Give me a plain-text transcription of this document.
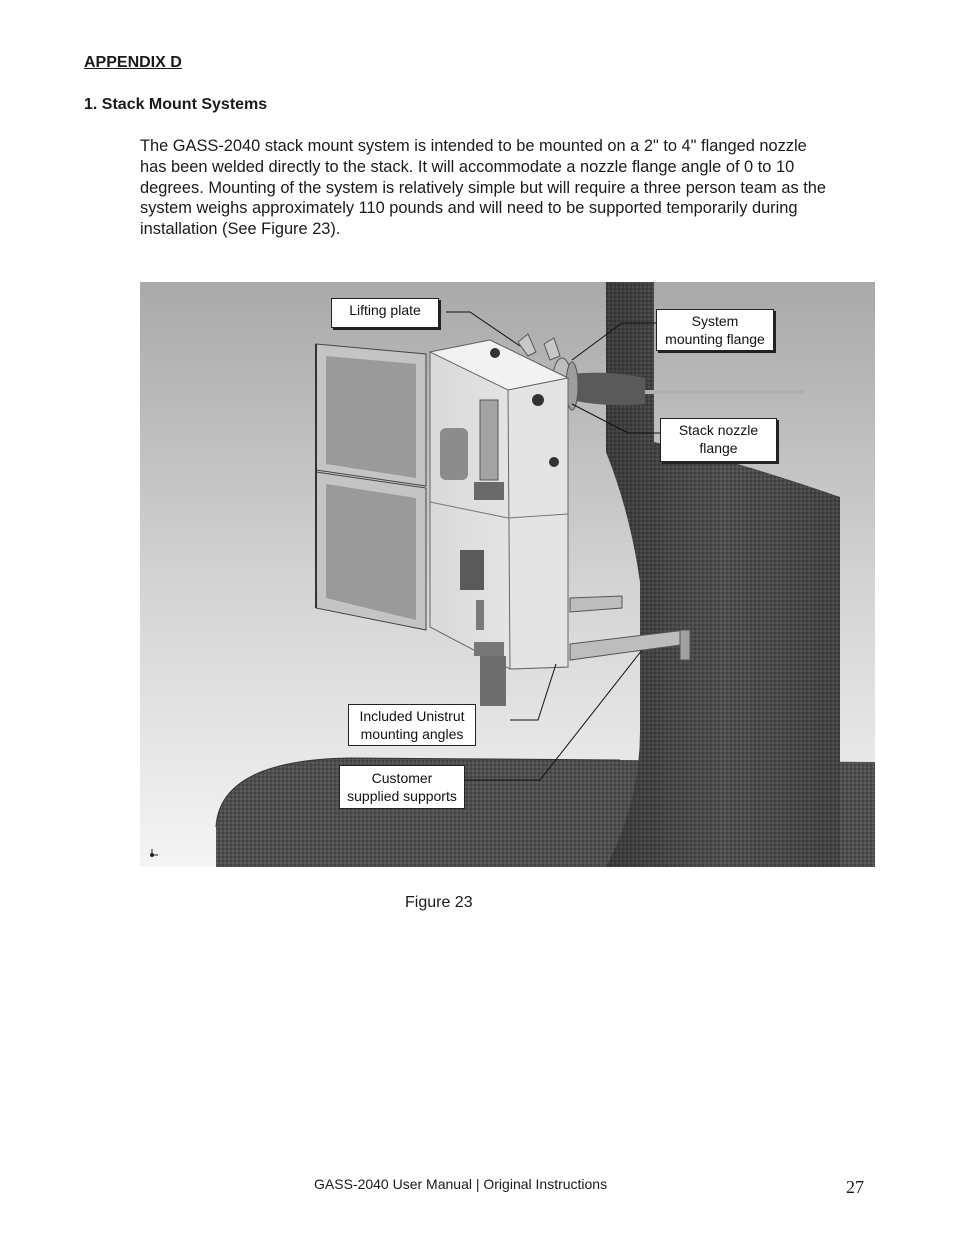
APPENDIX D
1. Stack Mount Systems
The GASS-2040 stack mount system is intended to be mounted on a 2" to 4" flanged nozzle
has been welded directly to the stack. It will accommodate a nozzle flange angle of 0 to 10
degrees. Mounting of the system is relatively simple but will require a three person team as the
system weighs approximately 110 pounds and will need to be supported temporarily during
installation (See Figure 23).
Lifting plate
System
mounting flange
Stack nozzle
flange
Included Unistrut
mounting angles
Customer
supplied supports
Figure 23
GASS-2040 User Manual | Original Instructions	27
